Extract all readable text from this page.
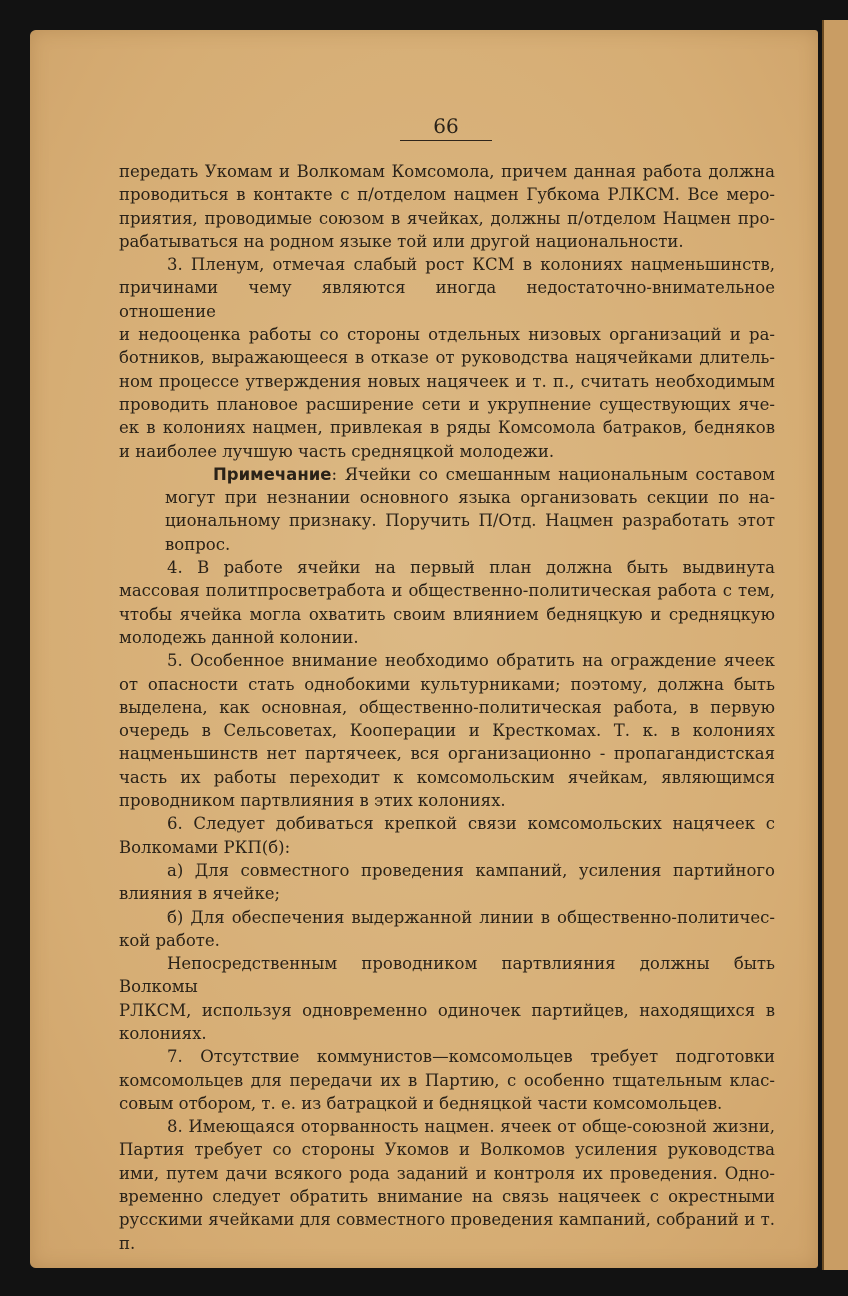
66

передать Укомам и Волкомам Комсомола, причем данная работа должна
проводиться в контакте с п/отделом нацмен Губкома РЛКСМ. Все меро-
приятия, проводимые союзом в ячейках, должны п/отделом Нацмен про-
рабатываться на родном языке той или другой национальности.

3. Пленум, отмечая слабый рост КСМ в колониях нацменьшинств,
причинами чему являются иногда недостаточно-внимательное отношение
и недооценка работы со стороны отдельных низовых организаций и ра-
ботников, выражающееся в отказе от руководства нацячейками длитель-
ном процессе утверждения новых нацячеек и т. п., считать необходимым
проводить плановое расширение сети и укрупнение существующих яче-
ек в колониях нацмен, привлекая в ряды Комсомола батраков, бедняков
и наиболее лучшую часть средняцкой молодежи.

Примечание: Ячейки со смешанным национальным составом
могут при незнании основного языка организовать секции по на-
циональному признаку. Поручить П/Отд. Нацмен разработать этот
вопрос.

4. В работе ячейки на первый план должна быть выдвинута
массовая политпросветработа и общественно-политическая работа с тем,
чтобы ячейка могла охватить своим влиянием бедняцкую и средняцкую
молодежь данной колонии.

5. Особенное внимание необходимо обратить на ограждение ячеек
от опасности стать однобокими культурниками; поэтому, должна быть
выделена, как основная, общественно-политическая работа, в первую
очередь в Сельсоветах, Кооперации и Кресткомах. Т. к. в колониях
нацменьшинств нет партячеек, вся организационно - пропагандистская
часть их работы переходит к комсомольским ячейкам, являющимся
проводником партвлияния в этих колониях.

6. Следует добиваться крепкой связи комсомольских нацячеек с
Волкомами РКП(б):

а) Для совместного проведения кампаний, усиления партийного
влияния в ячейке;

б) Для обеспечения выдержанной линии в общественно-политичес-
кой работе.

Непосредственным проводником партвлияния должны быть Волкомы
РЛКСМ, используя одновременно одиночек партийцев, находящихся в
колониях.

7. Отсутствие коммунистов—комсомольцев требует подготовки
комсомольцев для передачи их в Партию, с особенно тщательным клас-
совым отбором, т. е. из батрацкой и бедняцкой части комсомольцев.

8. Имеющаяся оторванность нацмен. ячеек от обще-союзной жизни,
Партия требует со стороны Укомов и Волкомов усиления руководства
ими, путем дачи всякого рода заданий и контроля их проведения. Одно-
временно следует обратить внимание на связь нацячеек с окрестными
русскими ячейками для совместного проведения кампаний, собраний и т. п.
